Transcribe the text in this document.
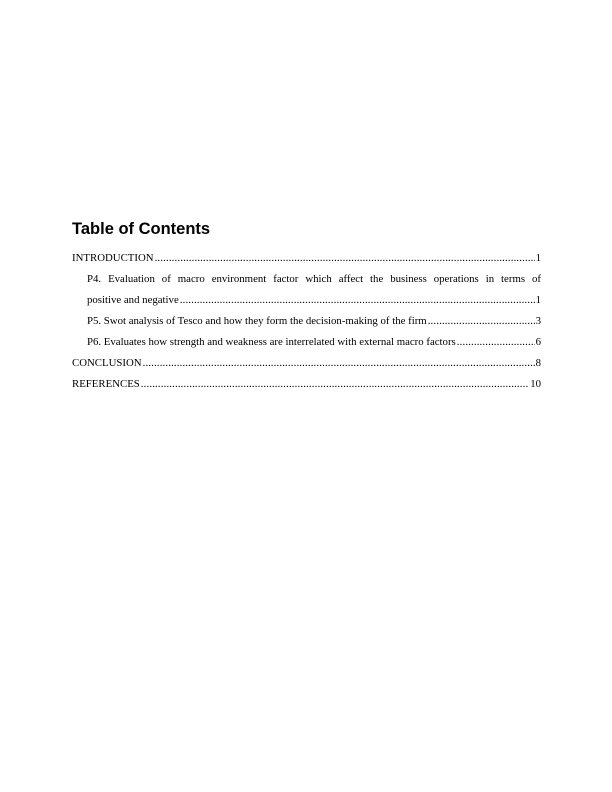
Table of Contents
INTRODUCTION .....	1
P4. Evaluation of macro environment factor which affect the business operations in terms of
positive and negative .....	1
P5. Swot analysis of Tesco and how they form the decision-making of the firm .....	3
P6. Evaluates how strength and weakness are interrelated with external macro factors .....	6
CONCLUSION .....	8
REFERENCES .....	10
